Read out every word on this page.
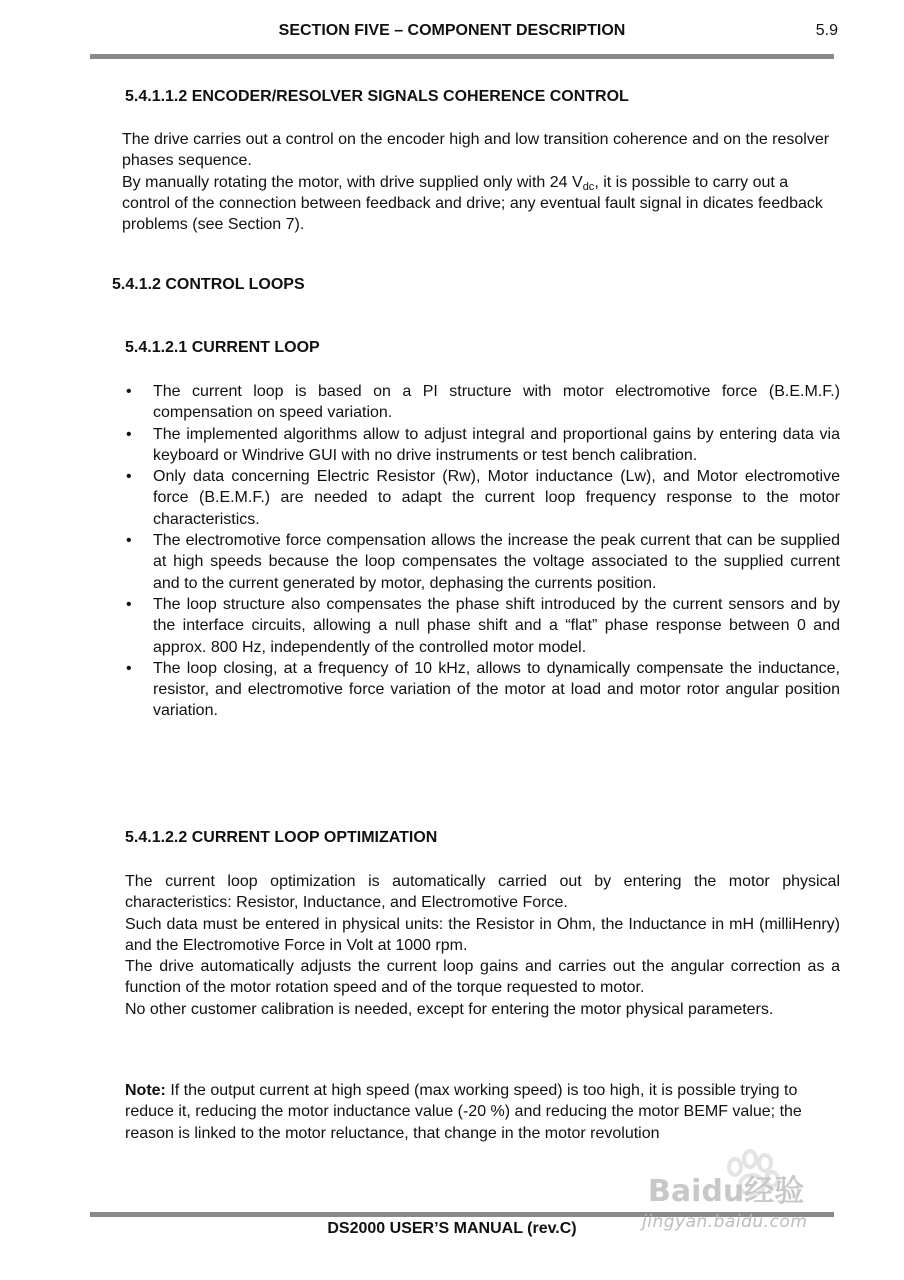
SECTION FIVE – COMPONENT DESCRIPTION	5.9
5.4.1.1.2 ENCODER/RESOLVER SIGNALS COHERENCE CONTROL
The drive carries out a control on the encoder high and low transition coherence and on the resolver phases sequence.
By manually rotating the motor, with drive supplied only with 24 $V_{dc}$, it is possible to carry out a control of the connection between feedback and drive; any eventual fault signal in dicates feedback problems (see Section 7).
5.4.1.2 CONTROL LOOPS
5.4.1.2.1 CURRENT LOOP
• The current loop is based on a PI structure with motor electromotive force (B.E.M.F.) compensation on speed variation.
• The implemented algorithms allow to adjust integral and proportional gains by entering data via keyboard or Windrive GUI with no drive instruments or test bench calibration.
• Only data concerning Electric Resistor (Rw), Motor inductance (Lw), and Motor electromotive force (B.E.M.F.) are needed to adapt the current loop frequency response to the motor characteristics.
• The electromotive force compensation allows the increase the peak current that can be supplied at high speeds because the loop compensates the voltage associated to the supplied current and to the current generated by motor, dephasing the currents position.
• The loop structure also compensates the phase shift introduced by the current sensors and by the interface circuits, allowing a null phase shift and a “flat” phase response between 0 and approx. 800 Hz, independently of the controlled motor model.
• The loop closing, at a frequency of 10 kHz, allows to dynamically compensate the inductance, resistor, and electromotive force variation of the motor at load and motor rotor angular position variation.
5.4.1.2.2 CURRENT LOOP OPTIMIZATION
The current loop optimization is automatically carried out by entering the motor physical characteristics: Resistor, Inductance, and Electromotive Force.
Such data must be entered in physical units: the Resistor in Ohm, the Inductance in mH (milliHenry) and the Electromotive Force in Volt at 1000 rpm.
The drive automatically adjusts the current loop gains and carries out the angular correction as a function of the motor rotation speed and of the torque requested to motor.
No other customer calibration is needed, except for entering the motor physical parameters.
Note: If the output current at high speed (max working speed) is too high, it is possible trying to reduce it, reducing the motor inductance value (-20 %) and reducing the motor BEMF value; the reason is linked to the motor reluctance, that change in the motor revolution
DS2000 USER’S MANUAL (rev.C)
Baidu经验
jingyan.baidu.com
